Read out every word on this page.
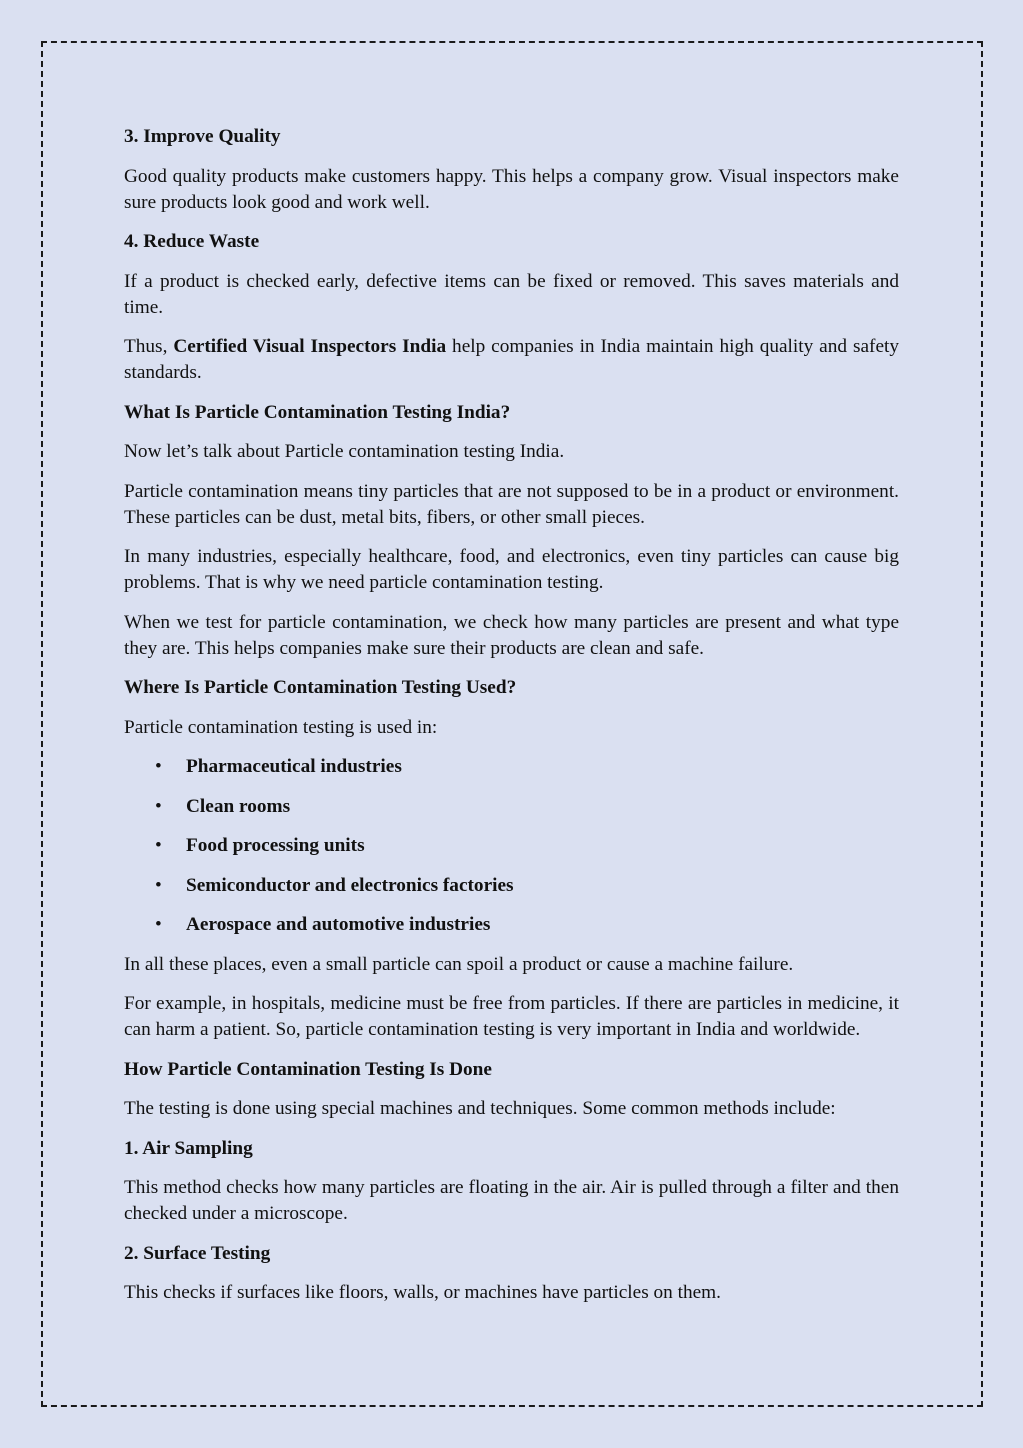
3. Improve Quality

Good quality products make customers happy. This helps a company grow. Visual inspectors make sure products look good and work well.

4. Reduce Waste

If a product is checked early, defective items can be fixed or removed. This saves materials and time.

Thus, Certified Visual Inspectors India help companies in India maintain high quality and safety standards.

What Is Particle Contamination Testing India?

Now let’s talk about Particle contamination testing India.

Particle contamination means tiny particles that are not supposed to be in a product or environment. These particles can be dust, metal bits, fibers, or other small pieces.

In many industries, especially healthcare, food, and electronics, even tiny particles can cause big problems. That is why we need particle contamination testing.

When we test for particle contamination, we check how many particles are present and what type they are. This helps companies make sure their products are clean and safe.

Where Is Particle Contamination Testing Used?

Particle contamination testing is used in:

• Pharmaceutical industries
• Clean rooms
• Food processing units
• Semiconductor and electronics factories
• Aerospace and automotive industries

In all these places, even a small particle can spoil a product or cause a machine failure.

For example, in hospitals, medicine must be free from particles. If there are particles in medicine, it can harm a patient. So, particle contamination testing is very important in India and worldwide.

How Particle Contamination Testing Is Done

The testing is done using special machines and techniques. Some common methods include:

1. Air Sampling

This method checks how many particles are floating in the air. Air is pulled through a filter and then checked under a microscope.

2. Surface Testing

This checks if surfaces like floors, walls, or machines have particles on them.
